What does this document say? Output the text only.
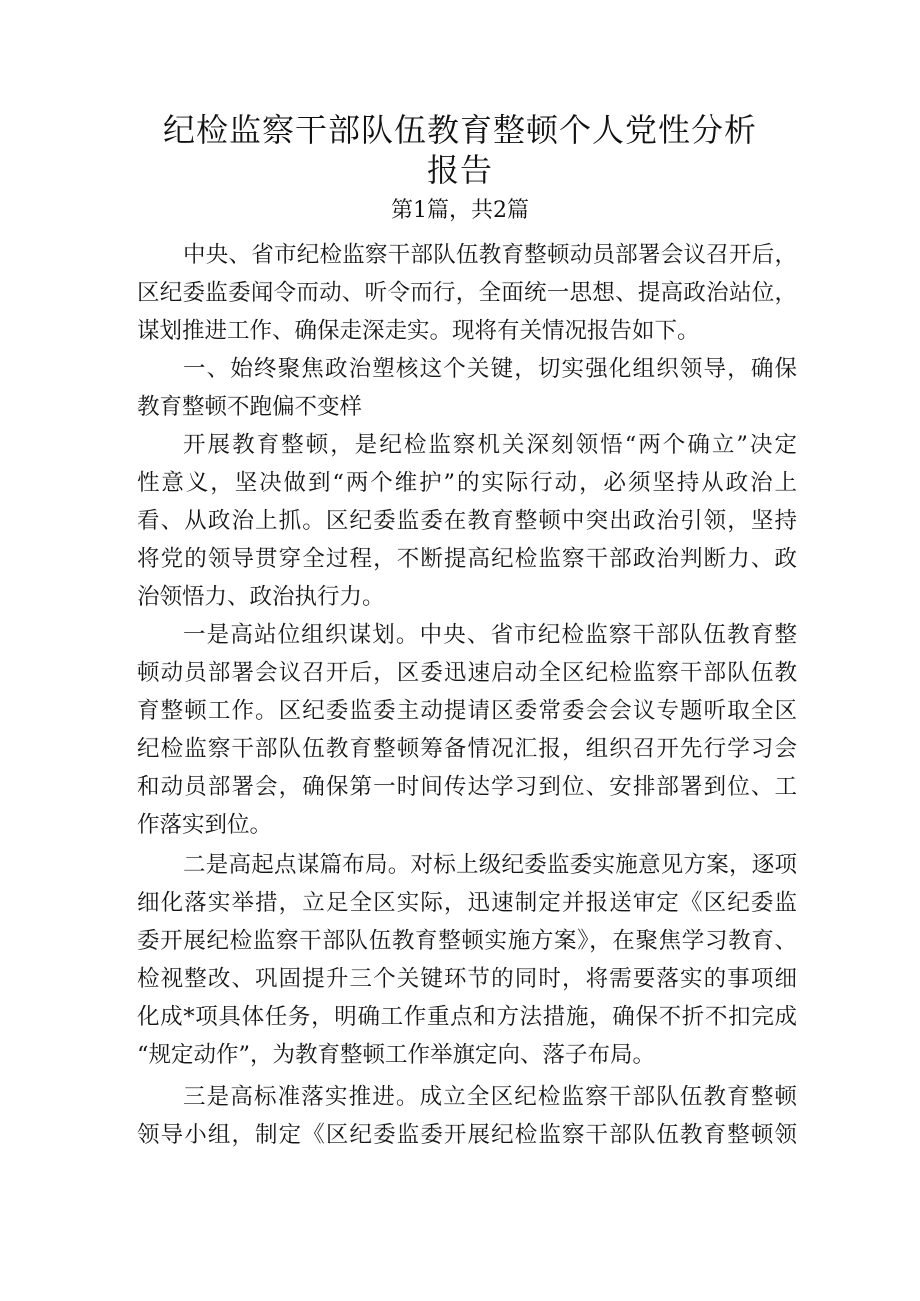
纪检监察干部队伍教育整顿个人党性分析
报告
第1篇，共2篇
中央、省市纪检监察干部队伍教育整顿动员部署会议召开后，
区纪委监委闻令而动、听令而行，全面统一思想、提高政治站位，
谋划推进工作、确保走深走实。现将有关情况报告如下。
一、始终聚焦政治塑核这个关键，切实强化组织领导，确保
教育整顿不跑偏不变样
开展教育整顿，是纪检监察机关深刻领悟“两个确立”决定
性意义，坚决做到“两个维护”的实际行动，必须坚持从政治上
看、从政治上抓。区纪委监委在教育整顿中突出政治引领，坚持
将党的领导贯穿全过程，不断提高纪检监察干部政治判断力、政
治领悟力、政治执行力。
一是高站位组织谋划。中央、省市纪检监察干部队伍教育整
顿动员部署会议召开后，区委迅速启动全区纪检监察干部队伍教
育整顿工作。区纪委监委主动提请区委常委会会议专题听取全区
纪检监察干部队伍教育整顿筹备情况汇报，组织召开先行学习会
和动员部署会，确保第一时间传达学习到位、安排部署到位、工
作落实到位。
二是高起点谋篇布局。对标上级纪委监委实施意见方案，逐项
细化落实举措，立足全区实际，迅速制定并报送审定《区纪委监
委开展纪检监察干部队伍教育整顿实施方案》，在聚焦学习教育、
检视整改、巩固提升三个关键环节的同时，将需要落实的事项细
化成*项具体任务，明确工作重点和方法措施，确保不折不扣完成
“规定动作”，为教育整顿工作举旗定向、落子布局。
三是高标准落实推进。成立全区纪检监察干部队伍教育整顿
领导小组，制定《区纪委监委开展纪检监察干部队伍教育整顿领
